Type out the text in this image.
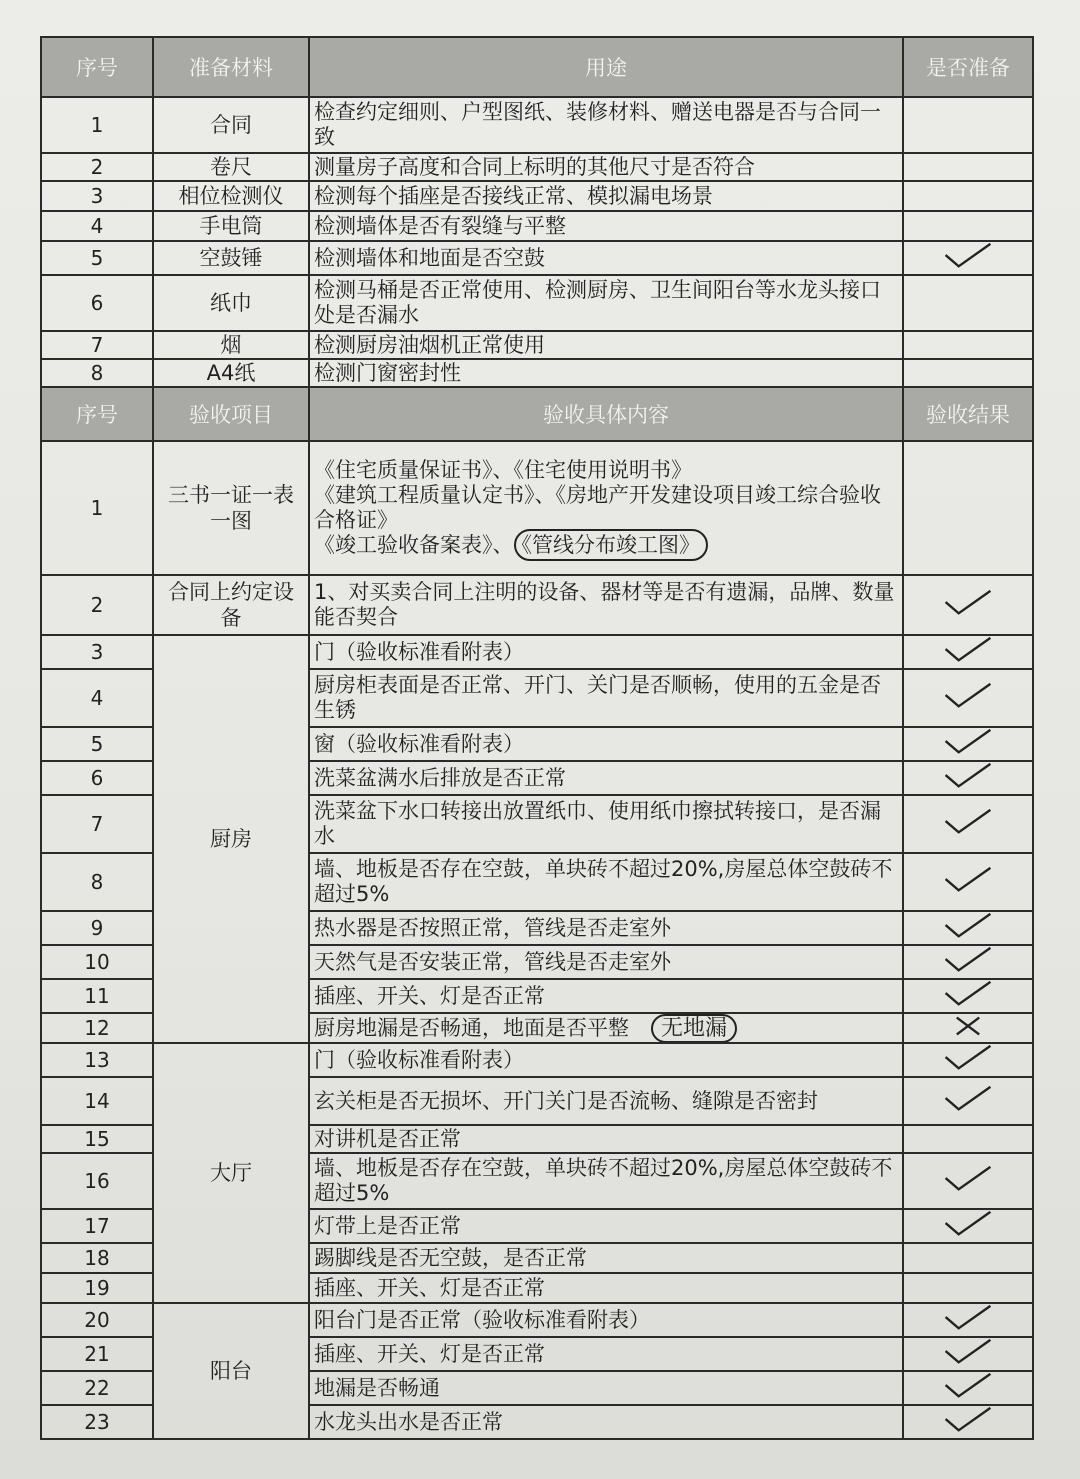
序号	准备材料	用途	是否准备
1	合同	检查约定细则、户型图纸、装修材料、赠送电器是否与合同一致	
2	卷尺	测量房子高度和合同上标明的其他尺寸是否符合	
3	相位检测仪	检测每个插座是否接线正常、模拟漏电场景	
4	手电筒	检测墙体是否有裂缝与平整	
5	空鼓锤	检测墙体和地面是否空鼓	
6	纸巾	检测马桶是否正常使用、检测厨房、卫生间阳台等水龙头接口处是否漏水	
7	烟	检测厨房油烟机正常使用	
8	A4纸	检测门窗密封性	
序号	验收项目	验收具体内容	验收结果
1	三书一证一表一图	《住宅质量保证书》、《住宅使用说明书》
《建筑工程质量认定书》、《房地产开发建设项目竣工综合验收合格证》
《竣工验收备案表》、 《管线分布竣工图》	

2	合同上约定设备	1、对买卖合同上注明的设备、器材等是否有遗漏，品牌、数量能否契合	
3	厨房	门（验收标准看附表）	
4		厨房柜表面是否正常、开门、关门是否顺畅，使用的五金是否生锈	
5		窗（验收标准看附表）	
6		洗菜盆满水后排放是否正常	
7		洗菜盆下水口转接出放置纸巾、使用纸巾擦拭转接口，是否漏水	
8		墙、地板是否存在空鼓，单块砖不超过20%,房屋总体空鼓砖不超过5%	
9		热水器是否按照正常，管线是否走室外	
10		天然气是否安装正常，管线是否走室外	
11		插座、开关、灯是否正常	
12		厨房地漏是否畅通，地面是否平整 无地漏	
13	大厅	门（验收标准看附表）	
14		玄关柜是否无损坏、开门关门是否流畅、缝隙是否密封	
15		对讲机是否正常	
16		墙、地板是否存在空鼓，单块砖不超过20%,房屋总体空鼓砖不超过5%	
17		灯带上是否正常	
18		踢脚线是否无空鼓，是否正常	
19		插座、开关、灯是否正常	
20	阳台	阳台门是否正常（验收标准看附表）	
21		插座、开关、灯是否正常	
22		地漏是否畅通	
23		水龙头出水是否正常	
